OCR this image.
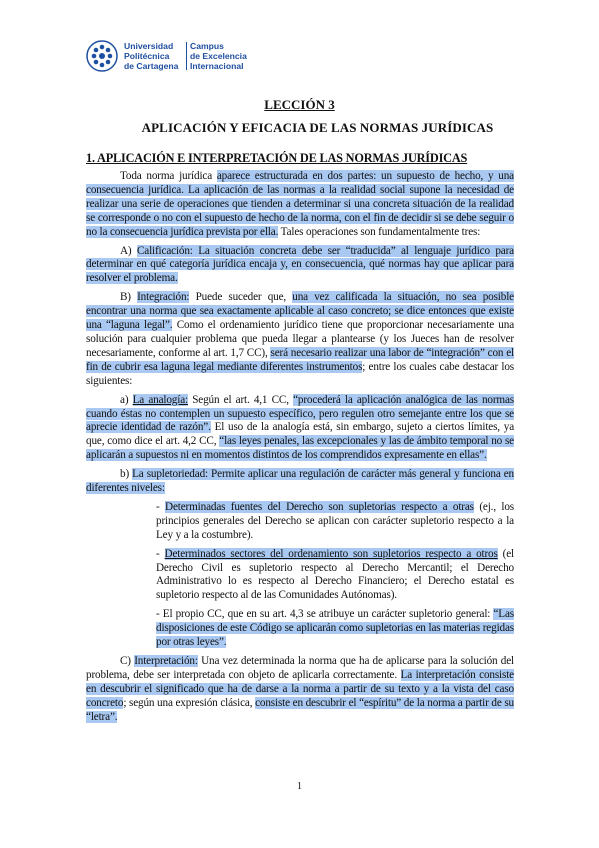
Universidad
Politécnica
de Cartagena
Campus
de Excelencia
Internacional
LECCIÓN 3
APLICACIÓN Y EFICACIA DE LAS NORMAS JURÍDICAS
1. APLICACIÓN E INTERPRETACIÓN DE LAS NORMAS JURÍDICAS

Toda norma jurídica aparece estructurada en dos partes: un supuesto de hecho, y una consecuencia jurídica. La aplicación de las normas a la realidad social supone la necesidad de realizar una serie de operaciones que tienden a determinar si una concreta situación de la realidad se corresponde o no con el supuesto de hecho de la norma, con el fin de decidir si se debe seguir o no la consecuencia jurídica prevista por ella. Tales operaciones son fundamentalmente tres:

A) Calificación: La situación concreta debe ser “traducida” al lenguaje jurídico para determinar en qué categoría jurídica encaja y, en consecuencia, qué normas hay que aplicar para resolver el problema.

B) Integración: Puede suceder que, una vez calificada la situación, no sea posible encontrar una norma que sea exactamente aplicable al caso concreto; se dice entonces que existe una “laguna legal”. Como el ordenamiento jurídico tiene que proporcionar necesariamente una solución para cualquier problema que pueda llegar a plantearse (y los Jueces han de resolver necesariamente, conforme al art. 1,7 CC), será necesario realizar una labor de “integración” con el fin de cubrir esa laguna legal mediante diferentes instrumentos; entre los cuales cabe destacar los siguientes:

a) La analogía: Según el art. 4,1 CC, “procederá la aplicación analógica de las normas cuando éstas no contemplen un supuesto específico, pero regulen otro semejante entre los que se aprecie identidad de razón”. El uso de la analogía está, sin embargo, sujeto a ciertos límites, ya que, como dice el art. 4,2 CC, “las leyes penales, las excepcionales y las de ámbito temporal no se aplicarán a supuestos ni en momentos distintos de los comprendidos expresamente en ellas”.

b) La supletoriedad: Permite aplicar una regulación de carácter más general y funciona en diferentes niveles:

- Determinadas fuentes del Derecho son supletorias respecto a otras (ej., los principios generales del Derecho se aplican con carácter supletorio respecto a la Ley y a la costumbre).

- Determinados sectores del ordenamiento son supletorios respecto a otros (el Derecho Civil es supletorio respecto al Derecho Mercantil; el Derecho Administrativo lo es respecto al Derecho Financiero; el Derecho estatal es supletorio respecto al de las Comunidades Autónomas).

- El propio CC, que en su art. 4,3 se atribuye un carácter supletorio general: “Las disposiciones de este Código se aplicarán como supletorias en las materias regidas por otras leyes”.

C) Interpretación: Una vez determinada la norma que ha de aplicarse para la solución del problema, debe ser interpretada con objeto de aplicarla correctamente. La interpretación consiste en descubrir el significado que ha de darse a la norma a partir de su texto y a la vista del caso concreto; según una expresión clásica, consiste en descubrir el “espíritu” de la norma a partir de su “letra”.

1
